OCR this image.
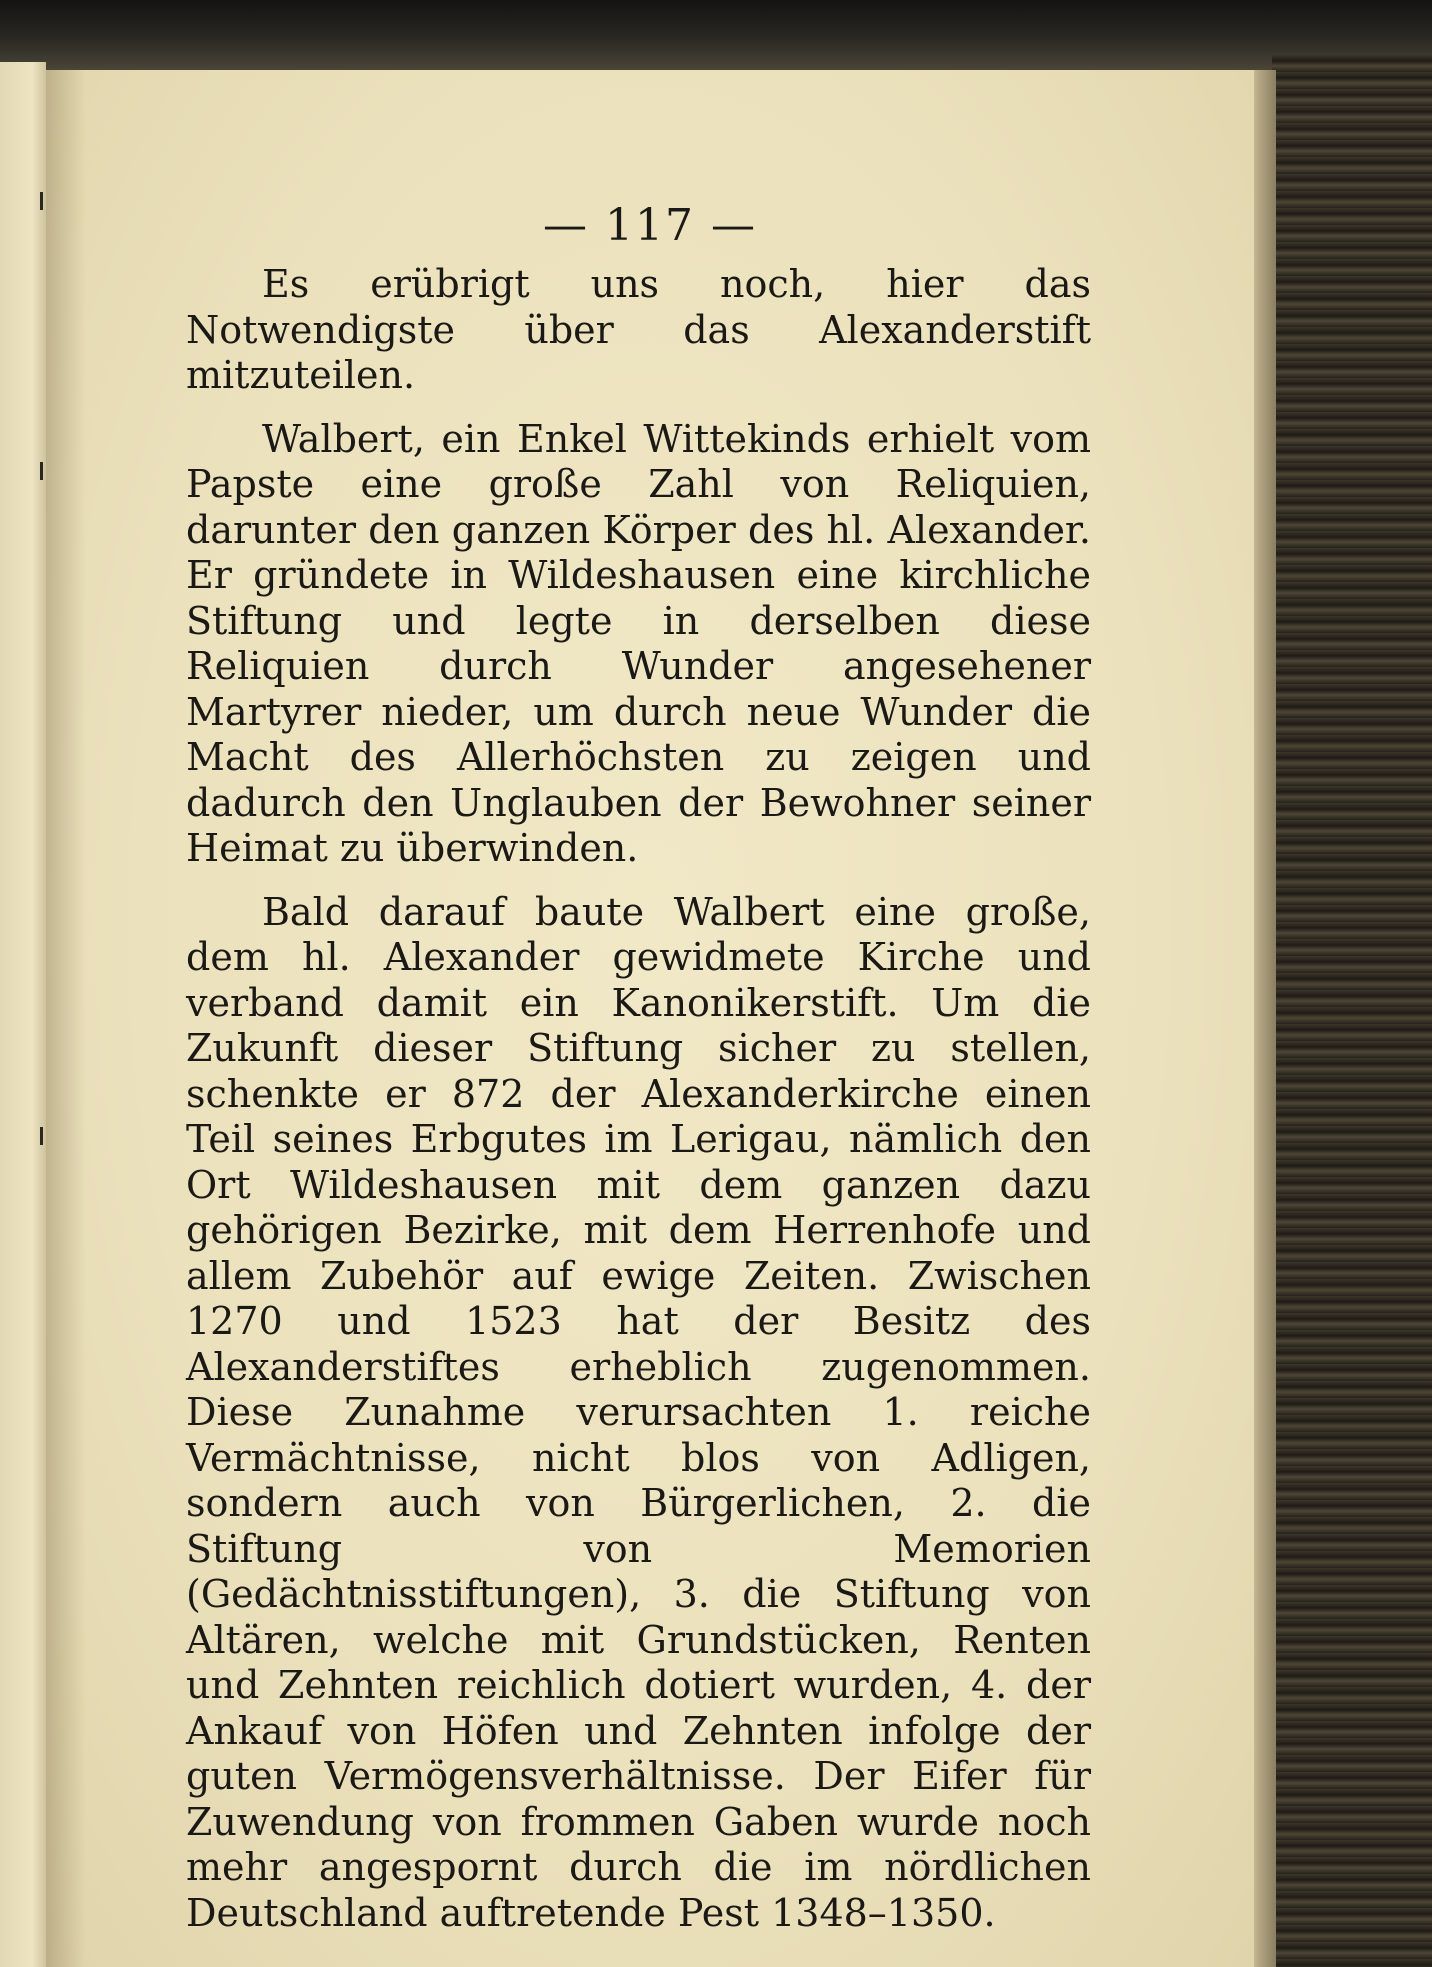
— 117 —

Es erübrigt uns noch, hier das Notwendigste über das Alexanderstift mitzuteilen.

Walbert, ein Enkel Wittekinds erhielt vom Papste eine große Zahl von Reliquien, darunter den ganzen Körper des hl. Alexander. Er gründete in Wildeshausen eine kirchliche Stiftung und legte in derselben diese Reliquien durch Wunder angesehener Martyrer nieder, um durch neue Wunder die Macht des Allerhöchsten zu zeigen und dadurch den Unglauben der Bewohner seiner Heimat zu überwinden.

Bald darauf baute Walbert eine große, dem hl. Alexander gewidmete Kirche und verband damit ein Kanonikerstift. Um die Zukunft dieser Stiftung sicher zu stellen, schenkte er 872 der Alexanderkirche einen Teil seines Erbgutes im Lerigau, nämlich den Ort Wildeshausen mit dem ganzen dazu gehörigen Bezirke, mit dem Herrenhofe und allem Zubehör auf ewige Zeiten. Zwischen 1270 und 1523 hat der Besitz des Alexanderstiftes erheblich zugenommen. Diese Zunahme verursachten 1. reiche Vermächtnisse, nicht blos von Adligen, sondern auch von Bürgerlichen, 2. die Stiftung von Memorien (Gedächtnisstiftungen), 3. die Stiftung von Altären, welche mit Grundstücken, Renten und Zehnten reichlich dotiert wurden, 4. der Ankauf von Höfen und Zehnten infolge der guten Vermögensverhältnisse. Der Eifer für Zuwendung von frommen Gaben wurde noch mehr angespornt durch die im nördlichen Deutschland auftretende Pest 1348–1350.
